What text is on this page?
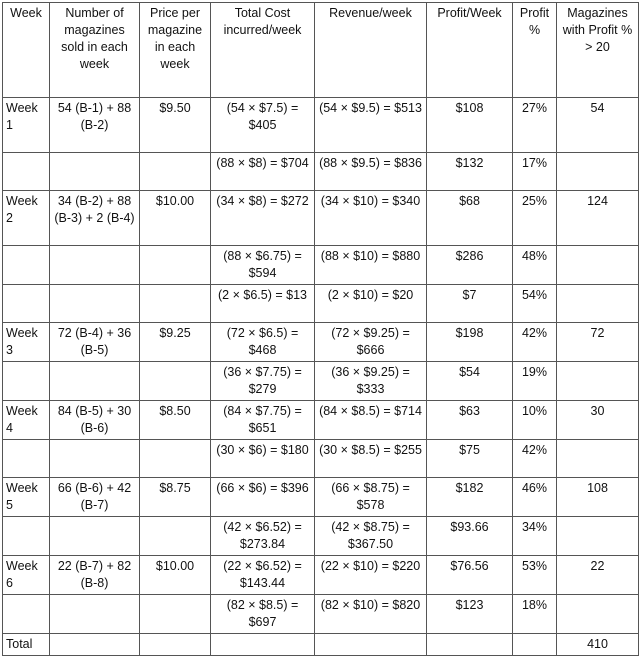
Week	Number of magazines sold in each week	Price per magazine in each week	Total Cost incurred/week	Revenue/week	Profit/Week	Profit %	Magazines with Profit % > 20
Week 1	54 (B-1) + 88 (B-2)	$9.50	(54 × $7.5) = $405	(54 × $9.5) = $513	$108	27%	54
			(88 × $8) = $704	(88 × $9.5) = $836	$132	17%	
Week 2	34 (B-2) + 88 (B-3) + 2 (B-4)	$10.00	(34 × $8) = $272	(34 × $10) = $340	$68	25%	124
			(88 × $6.75) = $594	(88 × $10) = $880	$286	48%	
			(2 × $6.5) = $13	(2 × $10) = $20	$7	54%	
Week 3	72 (B-4) + 36 (B-5)	$9.25	(72 × $6.5) = $468	(72 × $9.25) = $666	$198	42%	72
			(36 × $7.75) = $279	(36 × $9.25) = $333	$54	19%	
Week 4	84 (B-5) + 30 (B-6)	$8.50	(84 × $7.75) = $651	(84 × $8.5) = $714	$63	10%	30
			(30 × $6) = $180	(30 × $8.5) = $255	$75	42%	
Week 5	66 (B-6) + 42 (B-7)	$8.75	(66 × $6) = $396	(66 × $8.75) = $578	$182	46%	108
			(42 × $6.52) = $273.84	(42 × $8.75) = $367.50	$93.66	34%	
Week 6	22 (B-7) + 82 (B-8)	$10.00	(22 × $6.52) = $143.44	(22 × $10) = $220	$76.56	53%	22
			(82 × $8.5) = $697	(82 × $10) = $820	$123	18%	
Total							410
